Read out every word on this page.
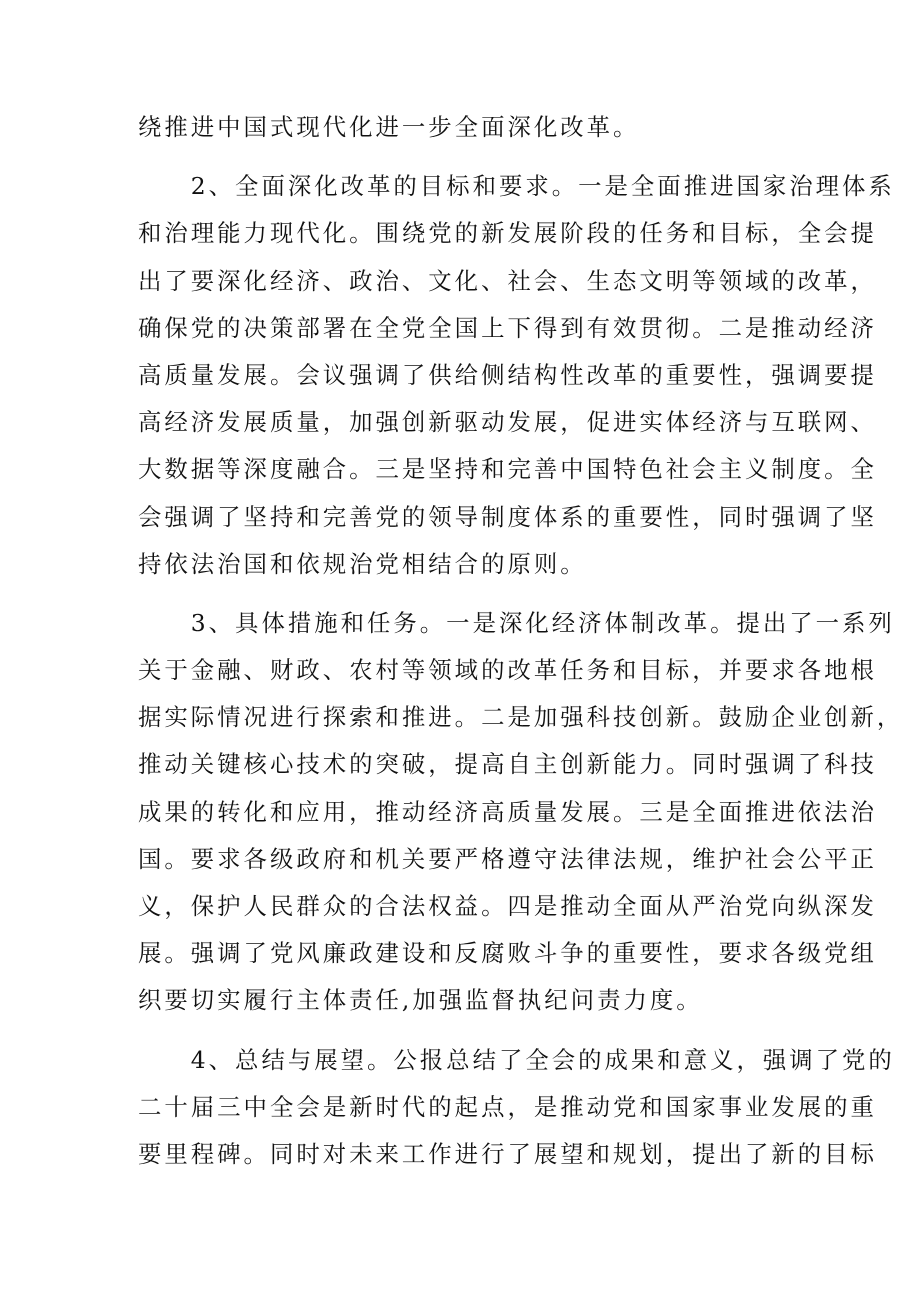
绕推进中国式现代化进一步全面深化改革。
　　2、全面深化改革的目标和要求。一是全面推进国家治理体系
和治理能力现代化。围绕党的新发展阶段的任务和目标，全会提
出了要深化经济、政治、文化、社会、生态文明等领域的改革，
确保党的决策部署在全党全国上下得到有效贯彻。二是推动经济
高质量发展。会议强调了供给侧结构性改革的重要性，强调要提
高经济发展质量，加强创新驱动发展，促进实体经济与互联网、
大数据等深度融合。三是坚持和完善中国特色社会主义制度。全
会强调了坚持和完善党的领导制度体系的重要性，同时强调了坚
持依法治国和依规治党相结合的原则。
　　3、具体措施和任务。一是深化经济体制改革。提出了一系列
关于金融、财政、农村等领域的改革任务和目标，并要求各地根
据实际情况进行探索和推进。二是加强科技创新。鼓励企业创新，
推动关键核心技术的突破，提高自主创新能力。同时强调了科技
成果的转化和应用，推动经济高质量发展。三是全面推进依法治
国。要求各级政府和机关要严格遵守法律法规，维护社会公平正
义，保护人民群众的合法权益。四是推动全面从严治党向纵深发
展。强调了党风廉政建设和反腐败斗争的重要性，要求各级党组
织要切实履行主体责任,加强监督执纪问责力度。
　　4、总结与展望。公报总结了全会的成果和意义，强调了党的
二十届三中全会是新时代的起点，是推动党和国家事业发展的重
要里程碑。同时对未来工作进行了展望和规划，提出了新的目标
